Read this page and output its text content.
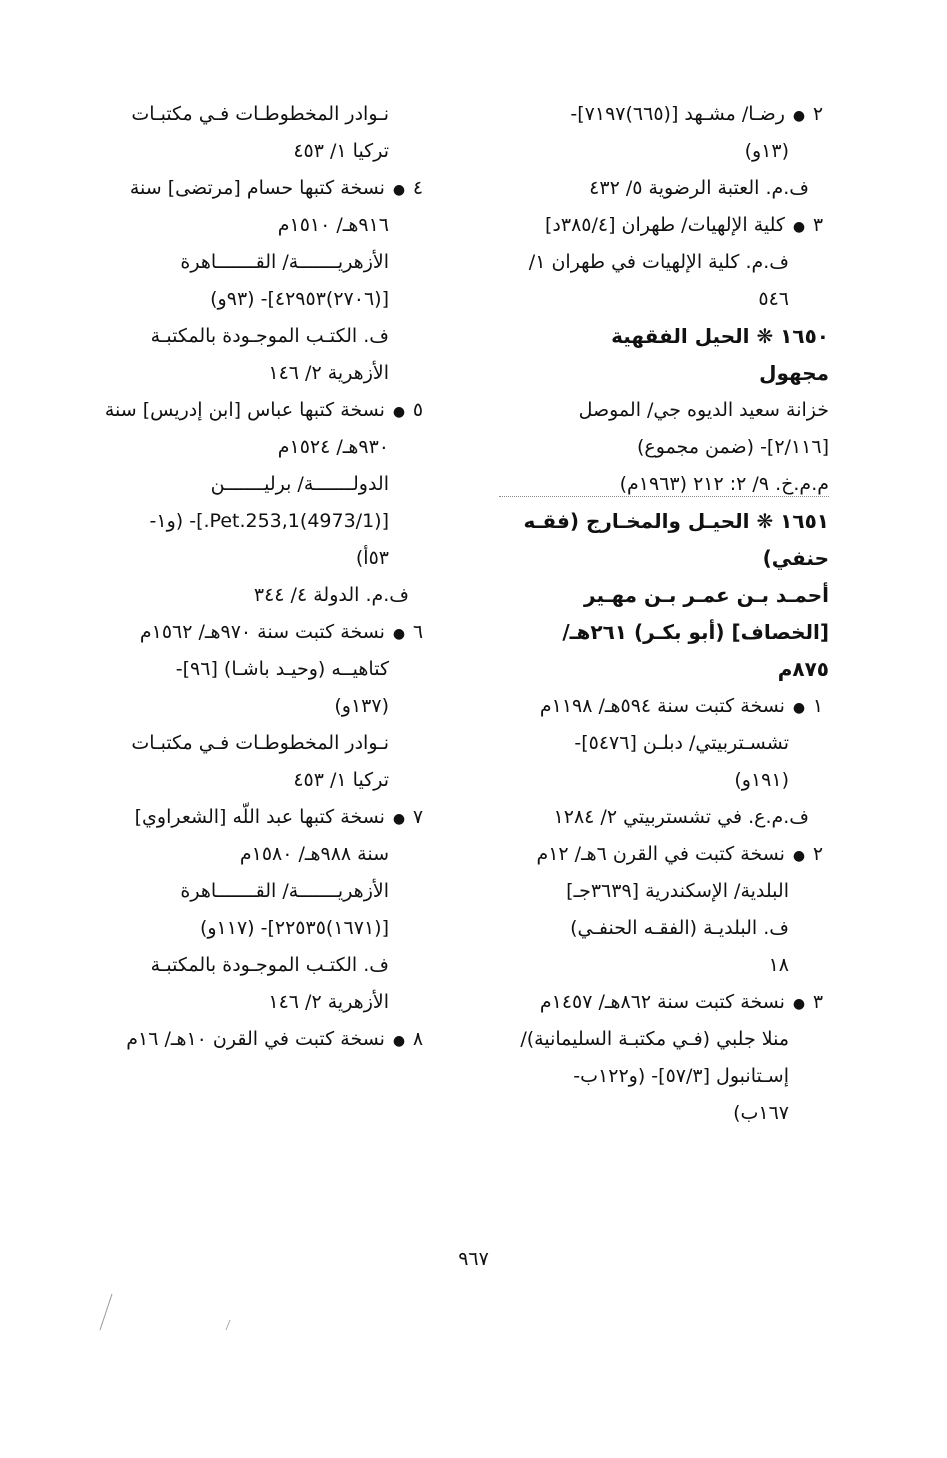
٢● رضـا/ مشـهد [(٦٦٥)٧١٩٧]-
(١٣و)
ف.م. العتبة الرضوية ٥/ ٤٣٢
٣● كلية الإلهيات/ طهران [٣٨٥/٤د]
ف.م. كلية الإلهيات في طهران ١/
٥٤٦
١٦٥٠ ❋ الحيل الفقهية
مجهول
خزانة سعيد الديوه جي/ الموصل
[٢/١١٦]- (ضمن مجموع)
م.م.خ. ٩/ ٢: ٢١٢ (١٩٦٣م)
١٦٥١ ❋ الحيـل والمخـارج (فقـه
حنفي)
أحمـد بـن عمـر بـن مهـير
[الخصاف] (أبو بكـر) ٢٦١هـ/
٨٧٥م
١● نسخة كتبت سنة ٥٩٤هـ/ ١١٩٨م
تشسـتربيتي/ دبلـن [٥٤٧٦]-
(١٩١و)
ف.م.ع. في تشستربيتي ٢/ ١٢٨٤
٢● نسخة كتبت في القرن ٦هـ/ ١٢م
البلدية/ الإسكندرية [٣٦٣٩جـ]
ف. البلديـة (الفقـه الحنفـي)
١٨
٣● نسخة كتبت سنة ٨٦٢هـ/ ١٤٥٧م
منلا جلبي (فـي مكتبـة السليمانية)/
إسـتانبول [٥٧/٣]- (و١٢٢ب-
١٦٧ب)
نـوادر المخطوطـات فـي مكتبـات
تركيا ١/ ٤٥٣
٤● نسخة كتبها حسام [مرتضى] سنة
٩١٦هـ/ ١٥١٠م
الأزهريـــــــة/ القـــــــاهرة
[(٢٧٠٦)٤٢٩٥٣]- (٩٣و)
ف. الكتـب الموجـودة بالمكتبـة
الأزهرية ٢/ ١٤٦
٥● نسخة كتبها عباس [ابن إدريس] سنة
٩٣٠هـ/ ١٥٢٤م
الدولـــــــة/ برليـــــــن
[(4973/1)Pet.253,1.]- (و١-
٥٣أ)
ف.م. الدولة ٤/ ٣٤٤
٦● نسخة كتبت سنة ٩٧٠هـ/ ١٥٦٢م
كتاهيــه (وحيـد باشـا) [٩٦]-
(١٣٧و)
نـوادر المخطوطـات فـي مكتبـات
تركيا ١/ ٤٥٣
٧● نسخة كتبها عبد اللّه [الشعراوي]
سنة ٩٨٨هـ/ ١٥٨٠م
الأزهريـــــــة/ القـــــــاهرة
[(١٦٧١)٢٢٥٣٥]- (١١٧و)
ف. الكتـب الموجـودة بالمكتبـة
الأزهرية ٢/ ١٤٦
٨● نسخة كتبت في القرن ١٠هـ/ ١٦م
٩٦٧
